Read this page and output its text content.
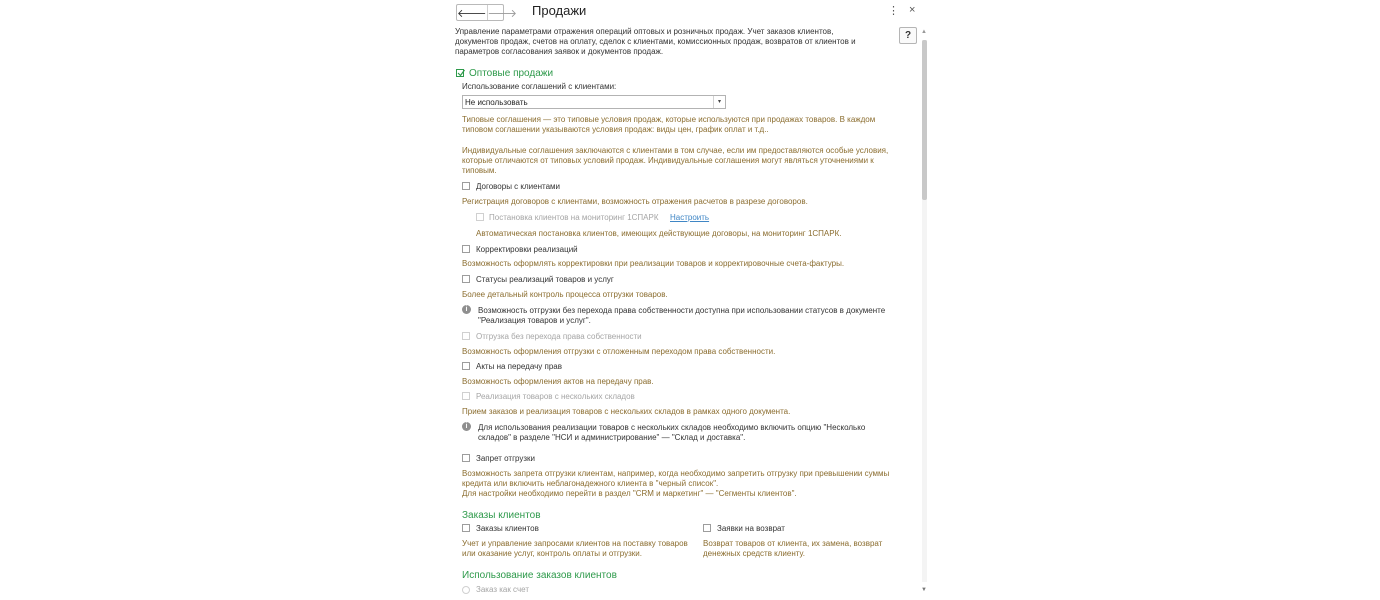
🡐 🡒 Продажи	⋮ ×
?	▲
▼
Управление параметрами отражения операций оптовых и розничных продаж. Учет заказов клиентов,
документов продаж, счетов на оплату, сделок с клиентами, комиссионных продаж, возвратов от клиентов и
параметров согласования заявок и документов продаж.
Оптовые продажи
Использование соглашений с клиентами:
Не использовать	▾
Типовые соглашения — это типовые условия продаж, которые используются при продажах товаров. В каждом
типовом соглашении указываются условия продаж: виды цен, график оплат и т.д..
Индивидуальные соглашения заключаются с клиентами в том случае, если им предоставляются особые условия,
которые отличаются от типовых условий продаж. Индивидуальные соглашения могут являться уточнениями к
типовым.
Договоры с клиентами
Регистрация договоров с клиентами, возможность отражения расчетов в разрезе договоров.
Постановка клиентов на мониторинг 1СПАРК Настроить
Автоматическая постановка клиентов, имеющих действующие договоры, на мониторинг 1СПАРК.
Корректировки реализаций
Возможность оформлять корректировки при реализации товаров и корректировочные счета-фактуры.
Статусы реализаций товаров и услуг
Более детальный контроль процесса отгрузки товаров.
i	Возможность отгрузки без перехода права собственности доступна при использовании статусов в документе
"Реализация товаров и услуг".
Отгрузка без перехода права собственности
Возможность оформления отгрузки с отложенным переходом права собственности.
Акты на передачу прав
Возможность оформления актов на передачу прав.
Реализация товаров с нескольких складов
Прием заказов и реализация товаров с нескольких складов в рамках одного документа.
i	Для использования реализации товаров с нескольких складов необходимо включить опцию "Несколько
складов" в разделе "НСИ и администрирование" — "Склад и доставка".
Запрет отгрузки
Возможность запрета отгрузки клиентам, например, когда необходимо запретить отгрузку при превышении суммы
кредита или включить неблагонадежного клиента в "черный список".
Для настройки необходимо перейти в раздел "CRM и маркетинг" — "Сегменты клиентов".
Заказы клиентов
Заказы клиентов
Учет и управление запросами клиентов на поставку товаров
или оказание услуг, контроль оплаты и отгрузки.
Заявки на возврат
Возврат товаров от клиента, их замена, возврат
денежных средств клиенту.
Использование заказов клиентов
Заказ как счет
